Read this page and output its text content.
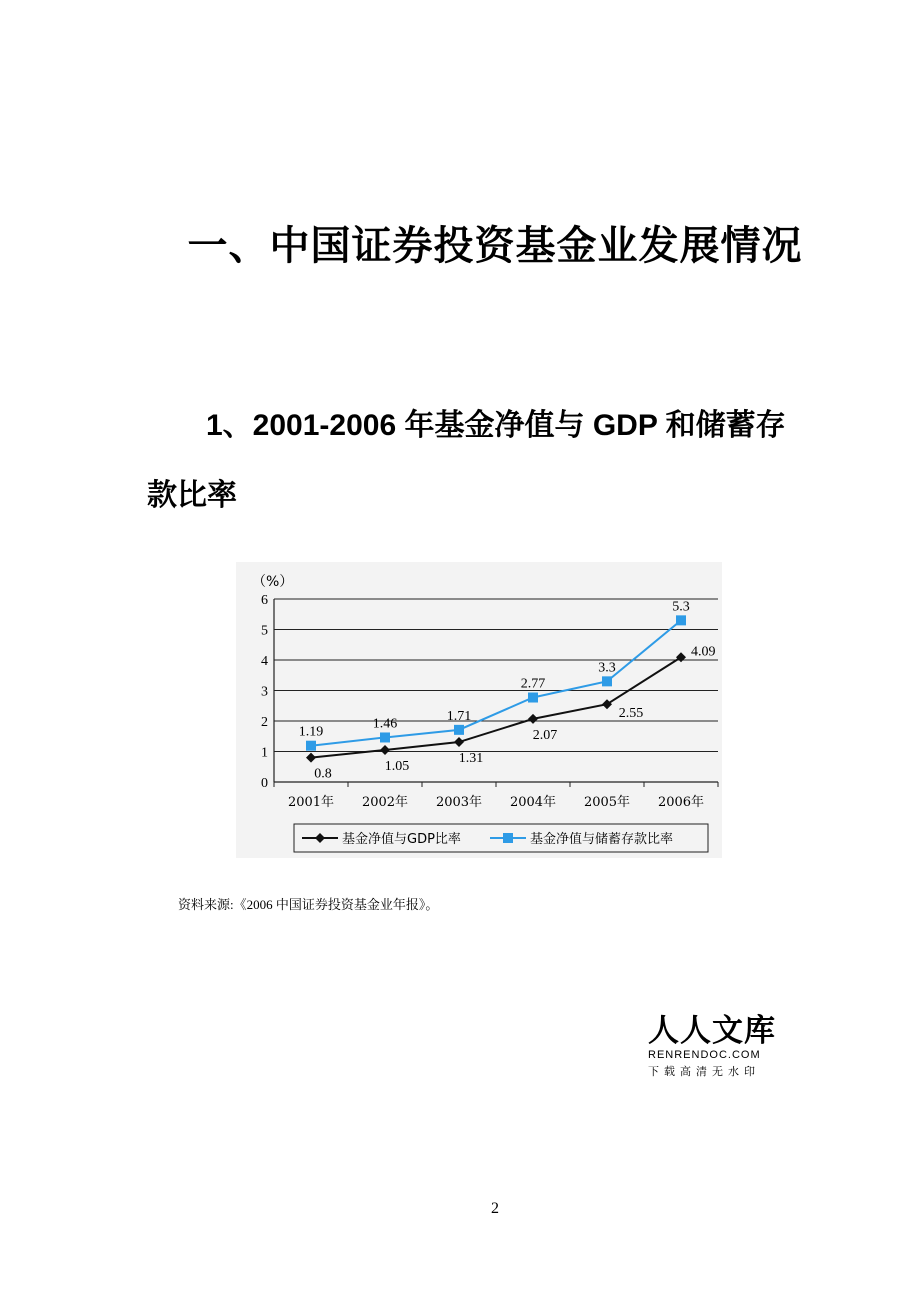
一、中国证券投资基金业发展情况
1、2001-2006 年基金净值与 GDP 和储蓄存
款比率
0
1
2
3
4
5
6
（%）
2001年 2002年 2003年 2004年 2005年 2006年
1.19
1.46
1.71
2.77
3.3
5.3
0.8
1.05
1.31
2.07
2.55
4.09
基金净值与GDP比率	基金净值与储蓄存款比率
资料来源:《2006 中国证券投资基金业年报》。
人人文库
RENRENDOC.COM
下载高清无水印
2
